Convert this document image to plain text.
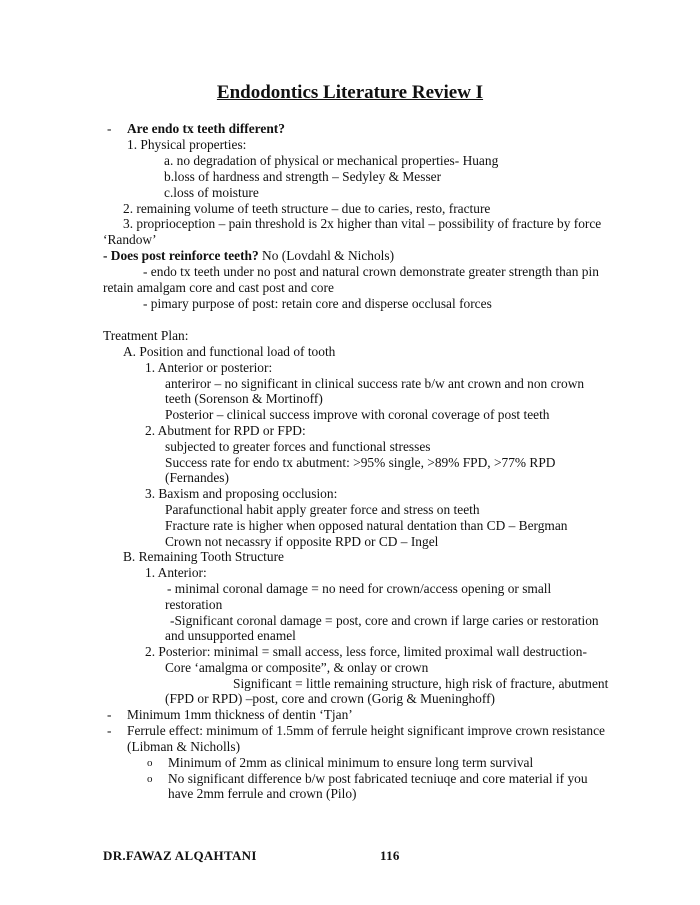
Endodontics Literature Review I
- Are endo tx teeth different?
1. Physical properties:
a. no degradation of physical or mechanical properties- Huang
b.loss of hardness and strength – Sedyley & Messer
c.loss of moisture
2. remaining volume of teeth structure – due to caries, resto, fracture
3. proprioception – pain threshold is 2x higher than vital – possibility of fracture by force
‘Randow’
- Does post reinforce teeth? No (Lovdahl & Nichols)
- endo tx teeth under no post and natural crown demonstrate greater strength than pin
retain amalgam core and cast post and core
- pimary purpose of post: retain core and disperse occlusal forces
Treatment Plan:
A. Position and functional load of tooth
1. Anterior or posterior:
anteriror – no significant in clinical success rate b/w ant crown and non crown
teeth (Sorenson & Mortinoff)
Posterior – clinical success improve with coronal coverage of post teeth
2. Abutment for RPD or FPD:
subjected to greater forces and functional stresses
Success rate for endo tx abutment: >95% single, >89% FPD, >77% RPD
(Fernandes)
3. Baxism and proposing occlusion:
Parafunctional habit apply greater force and stress on teeth
Fracture rate is higher when opposed natural dentation than CD – Bergman
Crown not necassry if opposite RPD or CD – Ingel
B. Remaining Tooth Structure
1. Anterior:
- minimal coronal damage = no need for crown/access opening or small
restoration
-Significant coronal damage = post, core and crown if large caries or restoration
and unsupported enamel
2. Posterior: minimal = small access, less force, limited proximal wall destruction-
Core ‘amalgma or composite”, & onlay or crown
Significant = little remaining structure, high risk of fracture, abutment
(FPD or RPD) –post, core and crown (Gorig & Mueninghoff)
- Minimum 1mm thickness of dentin ‘Tjan’
- Ferrule effect: minimum of 1.5mm of ferrule height significant improve crown resistance
(Libman & Nicholls)
o Minimum of 2mm as clinical minimum to ensure long term survival
o No significant difference b/w post fabricated tecniuqe and core material if you
have 2mm ferrule and crown (Pilo)
DR.FAWAZ ALQAHTANI	116
